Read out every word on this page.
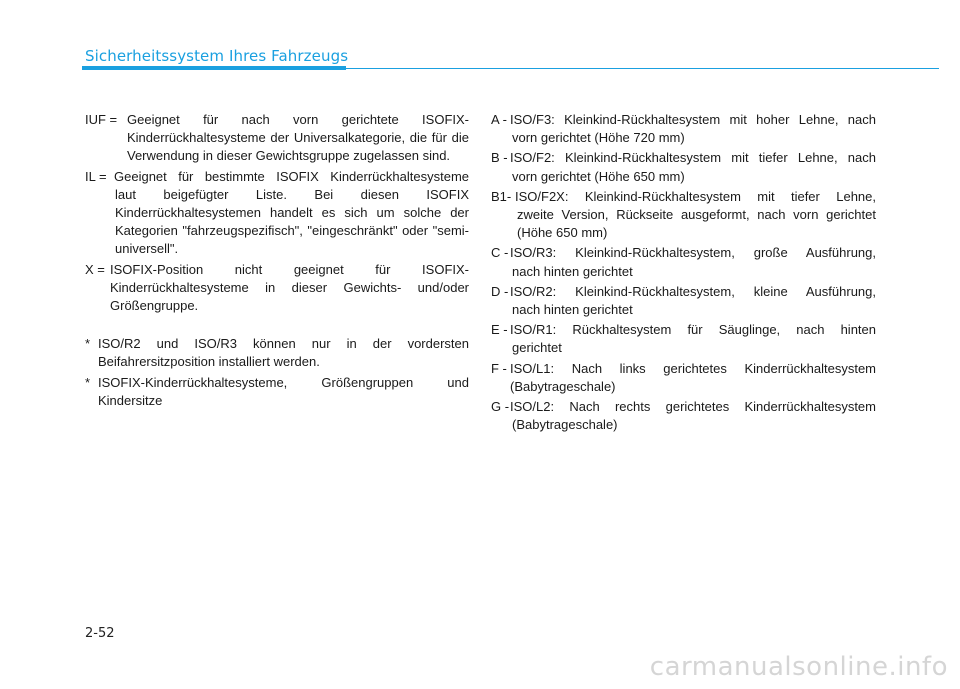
Sicherheitssystem Ihres Fahrzeugs
IUF = Geeignet für nach vorn gerichtete ISOFIX-
Kinderrückhaltesysteme der Universalkategorie, die für die Verwendung in dieser Gewichtsgruppe zugelassen sind.
IL = Geeignet für bestimmte ISOFIX Kinderrückhaltesysteme
laut beigefügter Liste. Bei diesen ISOFIX Kinderrückhaltesystemen handelt es sich um solche der Kategorien "fahrzeugspezifisch", "eingeschränkt" oder "semi-universell".
X = ISOFIX-Position nicht geeignet für ISOFIX-
Kinderrückhaltesysteme in dieser Gewichts- und/oder Größengruppe.
* ISO/R2 und ISO/R3 können nur in der vordersten Beifahrersitzposition installiert werden.
* ISOFIX-Kinderrückhaltesysteme, Größengruppen und Kindersitze
A - ISO/F3: Kleinkind-Rückhaltesystem mit hoher Lehne, nach
vorn gerichtet (Höhe 720 mm)
B - ISO/F2: Kleinkind-Rückhaltesystem mit tiefer Lehne, nach
vorn gerichtet (Höhe 650 mm)
B1- ISO/F2X: Kleinkind-Rückhaltesystem mit tiefer Lehne,
zweite Version, Rückseite ausgeformt, nach vorn gerichtet (Höhe 650 mm)
C - ISO/R3: Kleinkind-Rückhaltesystem, große Ausführung,
nach hinten gerichtet
D - ISO/R2: Kleinkind-Rückhaltesystem, kleine Ausführung,
nach hinten gerichtet
E - ISO/R1: Rückhaltesystem für Säuglinge, nach hinten
gerichtet
F - ISO/L1: Nach links gerichtetes Kinderrückhaltesystem
(Babytrageschale)
G - ISO/L2: Nach rechts gerichtetes Kinderrückhaltesystem
(Babytrageschale)
2-52
carmanualsonline.info
